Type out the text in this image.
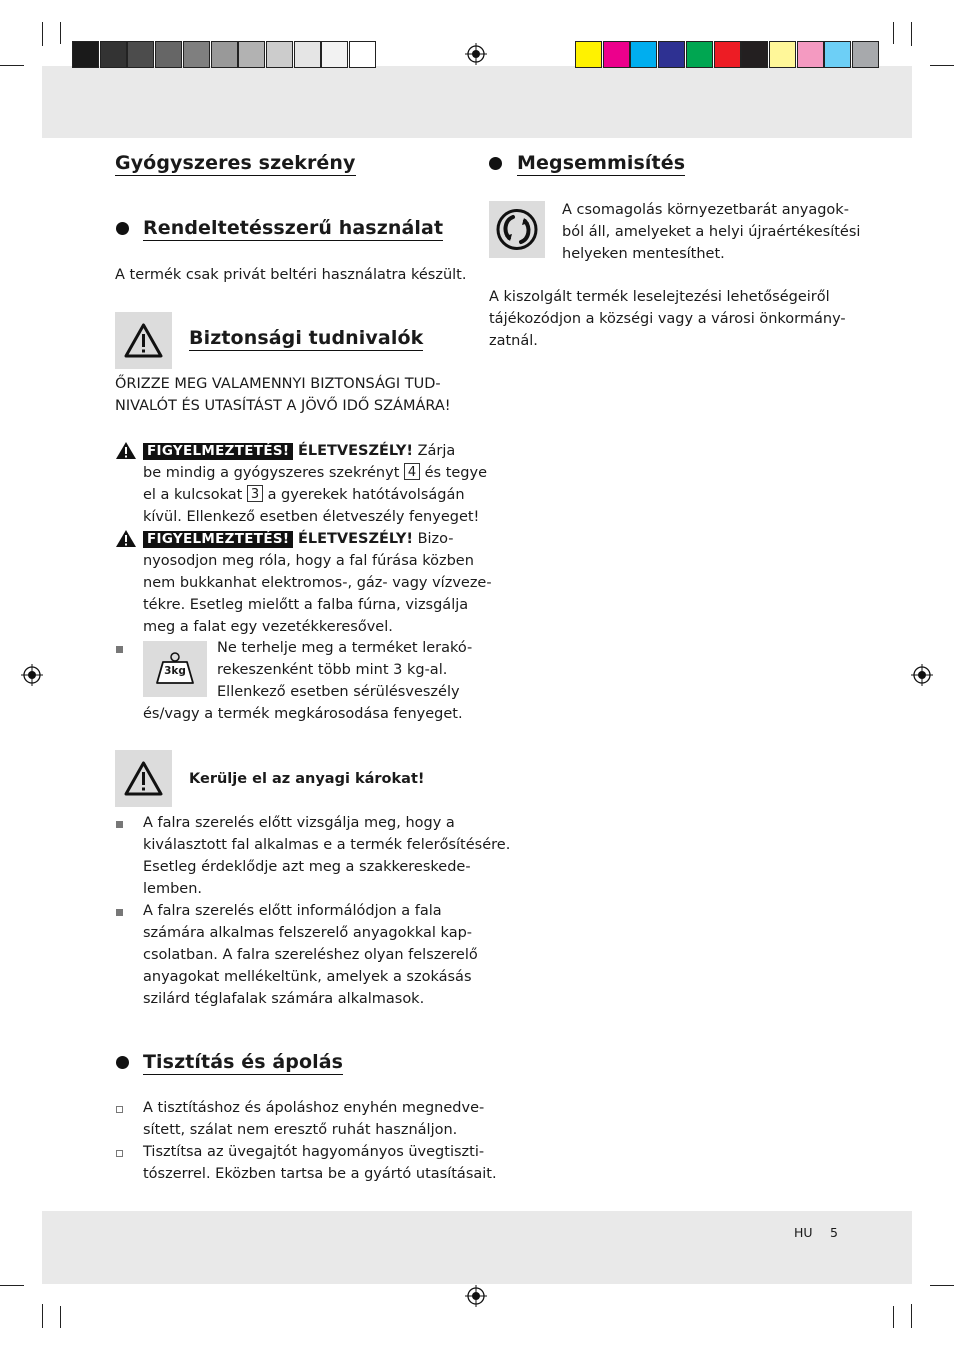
Gyógyszeres szekrény
Rendeltetésszerű használat
A termék csak privát beltéri használatra készült.
Biztonsági tudnivalók
ŐRIZZE MEG VALAMENNYI BIZTONSÁGI TUD-
NIVALÓT ÉS UTASÍTÁST A JÖVŐ IDŐ SZÁMÁRA!
FIGYELMEZTETÉS! ÉLETVESZÉLY! Zárja
be mindig a gyógyszeres szekrényt 4 és tegye
el a kulcsokat 3 a gyerekek hatótávolságán
kívül. Ellenkező esetben életveszély fenyeget!
FIGYELMEZTETÉS! ÉLETVESZÉLY! Bizo-
nyosodjon meg róla, hogy a fal fúrása közben
nem bukkanhat elektromos-, gáz- vagy vízveze-
tékre. Esetleg mielőtt a falba fúrna, vizsgálja
meg a falat egy vezetékkeresővel.
3kg
Ne terhelje meg a terméket lerakó-
rekeszenként több mint 3 kg-al.
Ellenkező esetben sérülésveszély
és/vagy a termék megkárosodása fenyeget.
Kerülje el az anyagi károkat!
A falra szerelés előtt vizsgálja meg, hogy a
kiválasztott fal alkalmas e a termék felerősítésére.
Esetleg érdeklődje azt meg a szakkereskede-
lemben.
A falra szerelés előtt informálódjon a fala
számára alkalmas felszerelő anyagokkal kap-
csolatban. A falra szereléshez olyan felszerelő
anyagokat mellékeltünk, amelyek a szokásás
szilárd téglafalak számára alkalmasok.
Tisztítás és ápolás
A tisztításhoz és ápoláshoz enyhén megnedve-
sített, szálat nem eresztő ruhát használjon.
Tisztítsa az üvegajtót hagyományos üvegtiszti-
tószerrel. Eközben tartsa be a gyártó utasításait.
Megsemmisítés
A csomagolás környezetbarát anyagok-
ból áll, amelyeket a helyi újraértékesítési
helyeken mentesíthet.
A kiszolgált termék leselejtezési lehetőségeiről
tájékozódjon a községi vagy a városi önkormány-
zatnál.
HU 5
